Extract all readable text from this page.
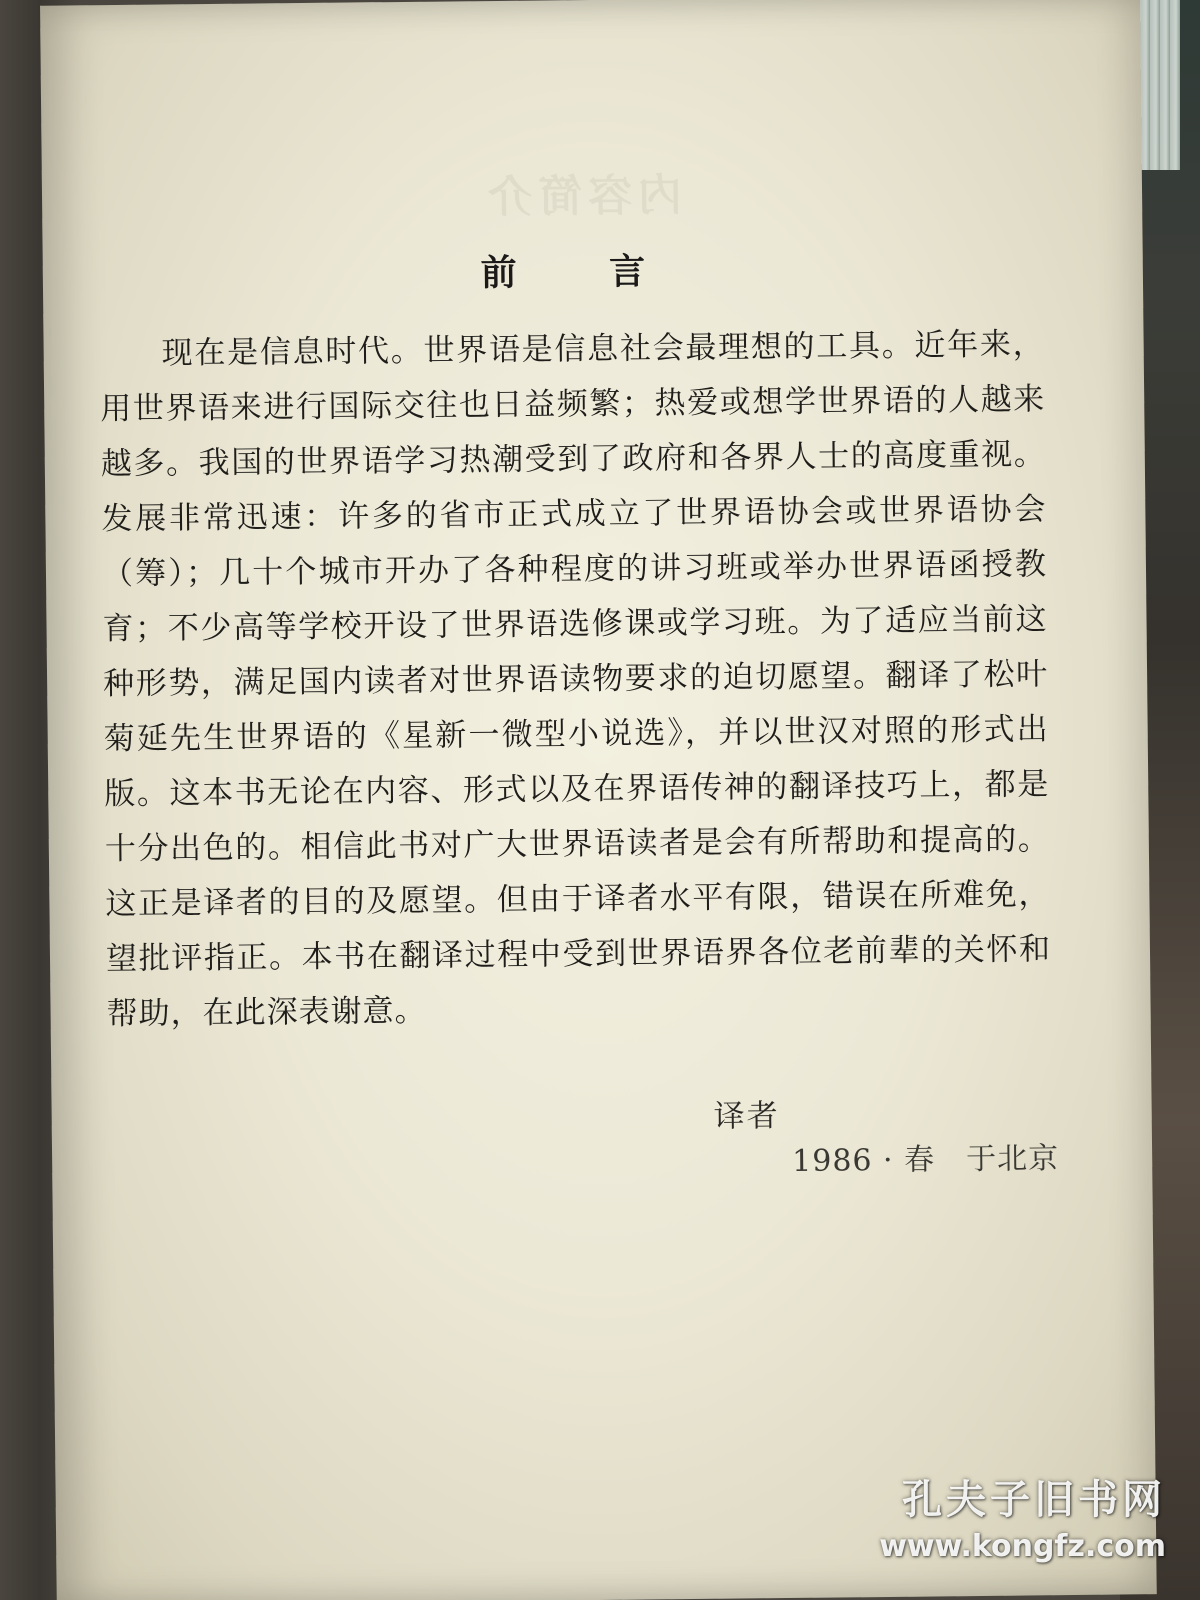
内容简介
前 言
现在是信息时代。世界语是信息社会最理想的工具。近年来，用世界语来进行国际交往也日益频繁；热爱或想学世界语的人越来越多。我国的世界语学习热潮受到了政府和各界人士的高度重视。发展非常迅速：许多的省市正式成立了世界语协会或世界语协会（筹）；几十个城市开办了各种程度的讲习班或举办世界语函授教育；不少高等学校开设了世界语选修课或学习班。为了适应当前这种形势，满足国内读者对世界语读物要求的迫切愿望。翻译了松叶菊延先生世界语的《星新一微型小说选》，并以世汉对照的形式出版。这本书无论在内容、形式以及在界语传神的翻译技巧上，都是十分出色的。相信此书对广大世界语读者是会有所帮助和提高的。这正是译者的目的及愿望。但由于译者水平有限，错误在所难免，望批评指正。本书在翻译过程中受到世界语界各位老前辈的关怀和帮助，在此深表谢意。
译者
1986 · 春　于北京
孔夫子旧书网
www.kongfz.com
